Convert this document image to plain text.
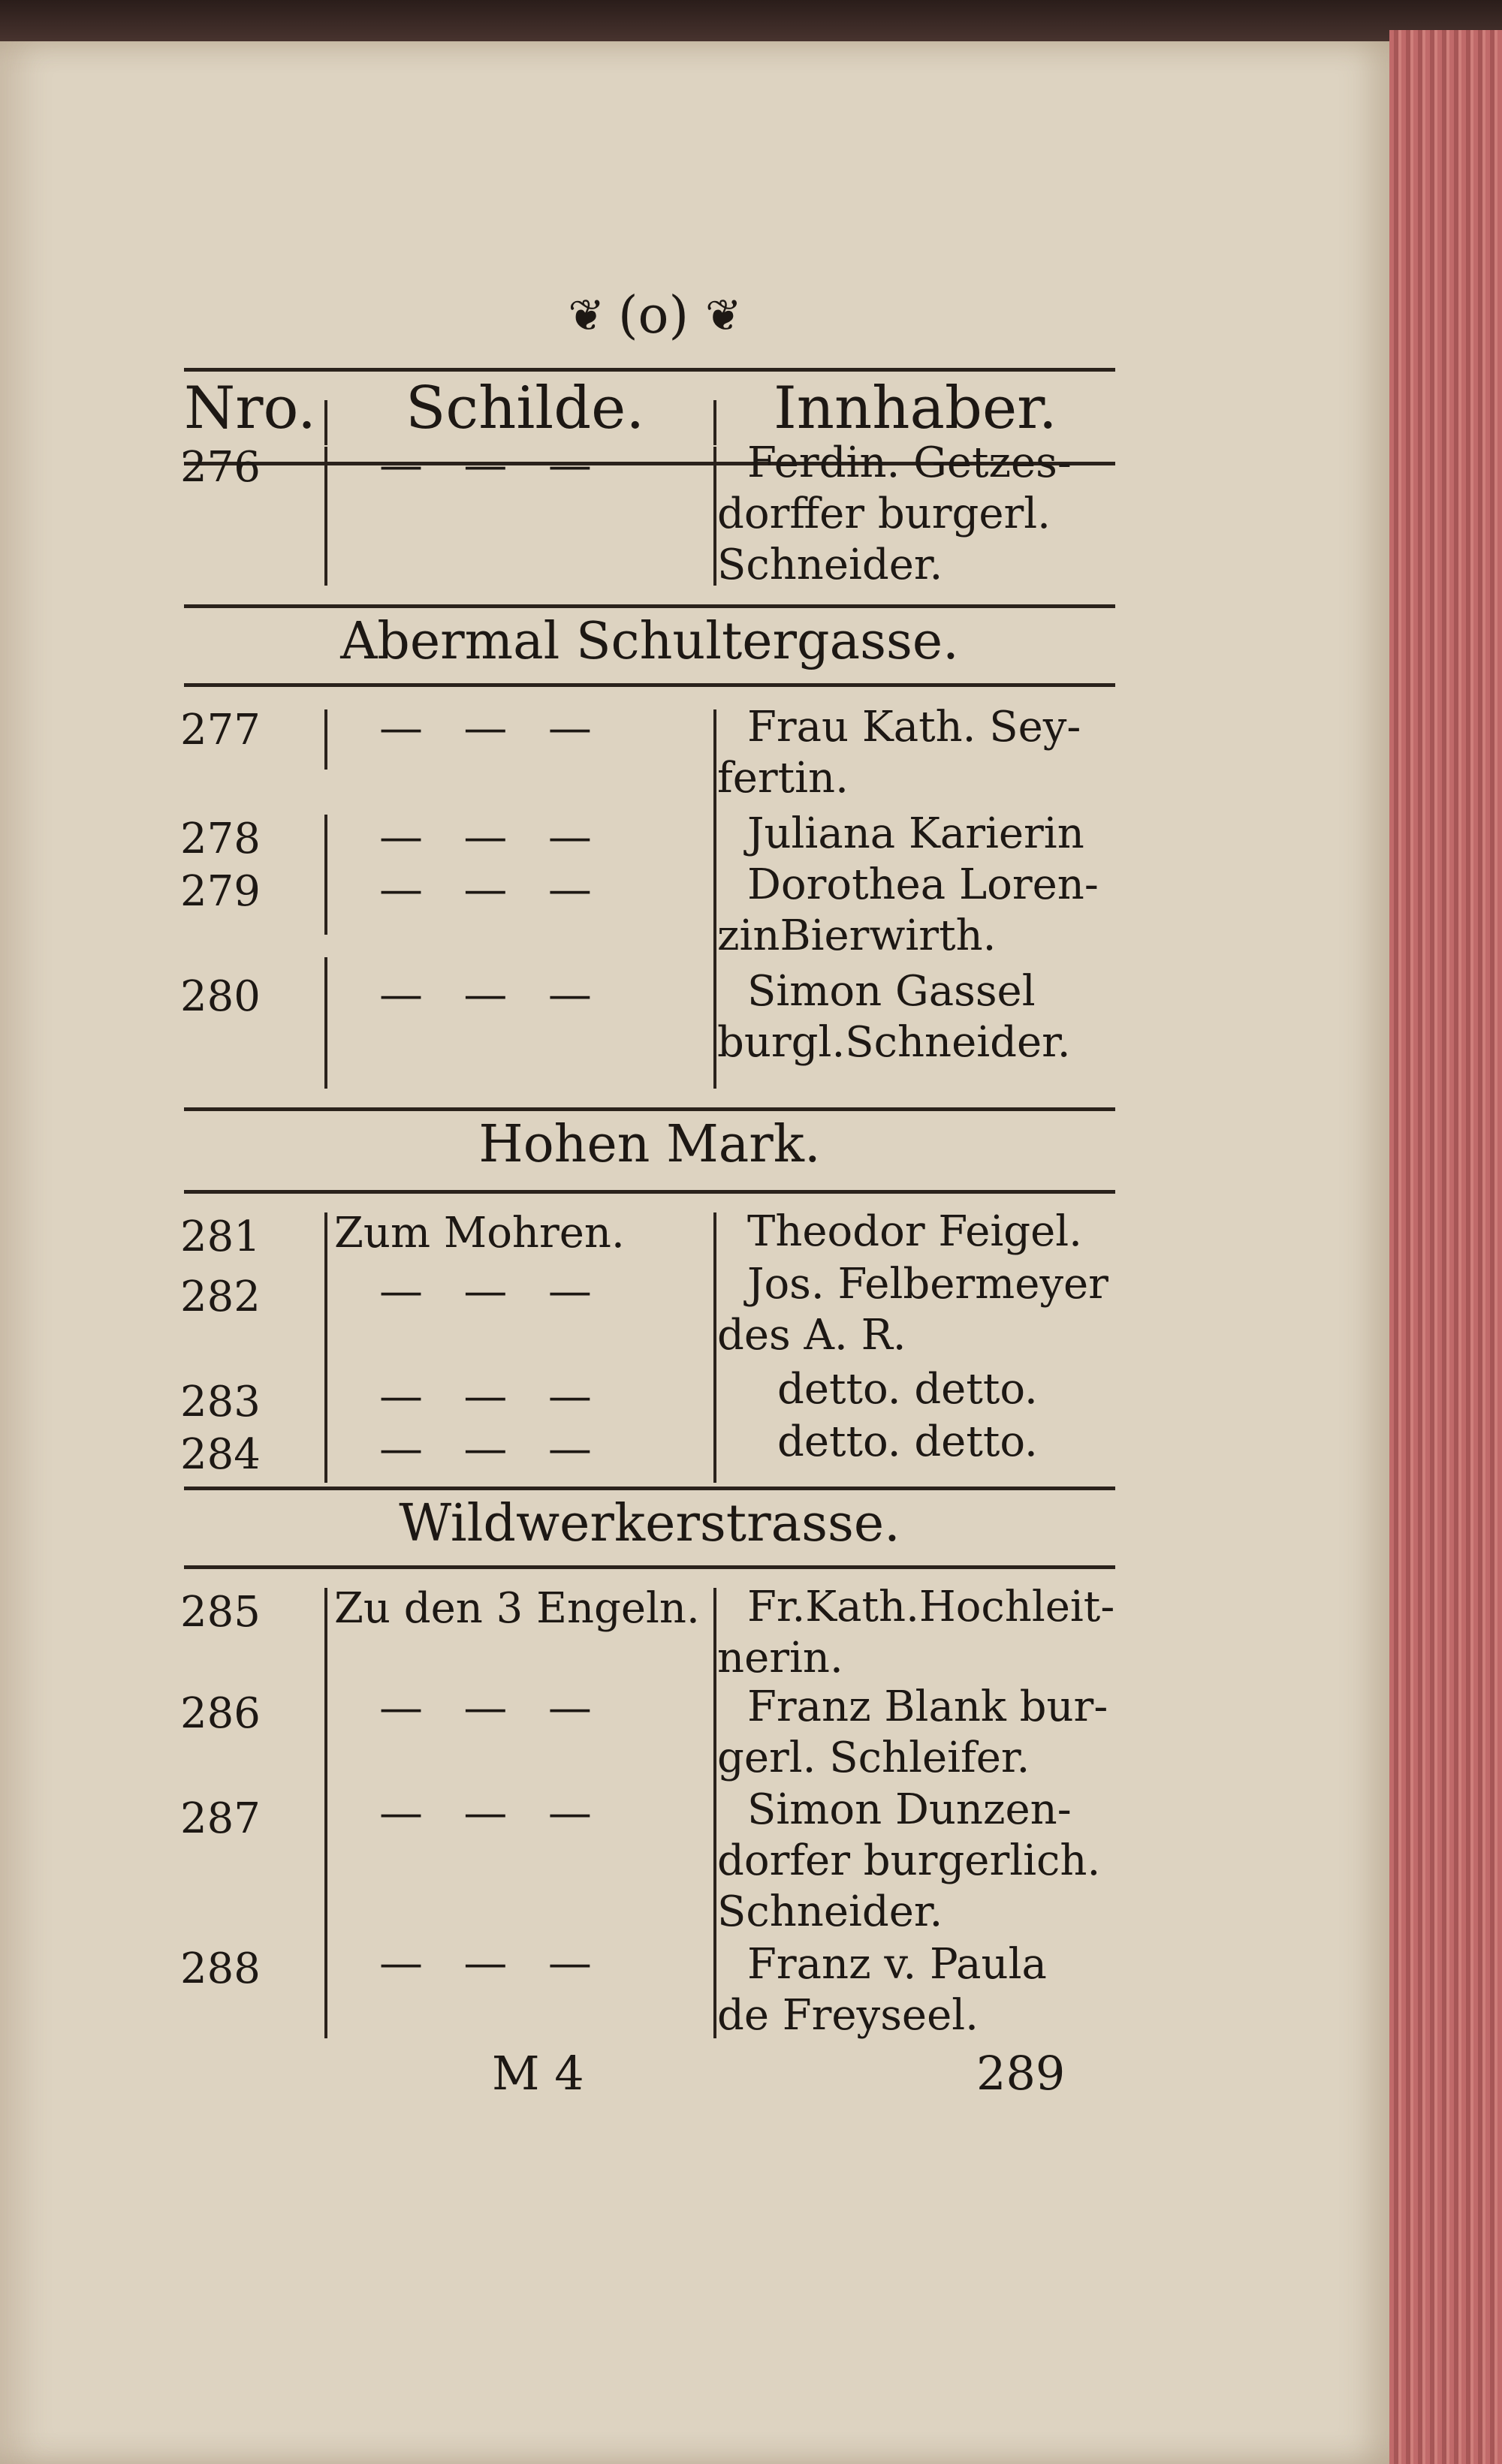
❦ (o) ❦
Nro. Schilde. Innhaber.
276	— — —	Ferdin. Getzes-
dorffer burgerl.
Schneider.
Abermal Schultergasse.
277	— — —	Frau Kath. Sey-
fertin.
278	— — —	Juliana Karierin
279	— — —	Dorothea Loren-
zinBierwirth.
280	— — —	Simon Gassel
burgl.Schneider.
Hohen Mark.
281	Zum Mohren.	Theodor Feigel.
282	— — —	Jos. Felbermeyer
des A. R.
283	— — —	detto. detto.
284	— — —	detto. detto.
Wildwerkerstrasse.
285	Zu den 3 Engeln.	Fr.Kath.Hochleit-
nerin.
286	— — —	Franz Blank bur-
gerl. Schleifer.
287	— — —	Simon Dunzen-
dorfer burgerlich.
Schneider.
288	— — —	Franz v. Paula
de Freyseel.
M 4	289
